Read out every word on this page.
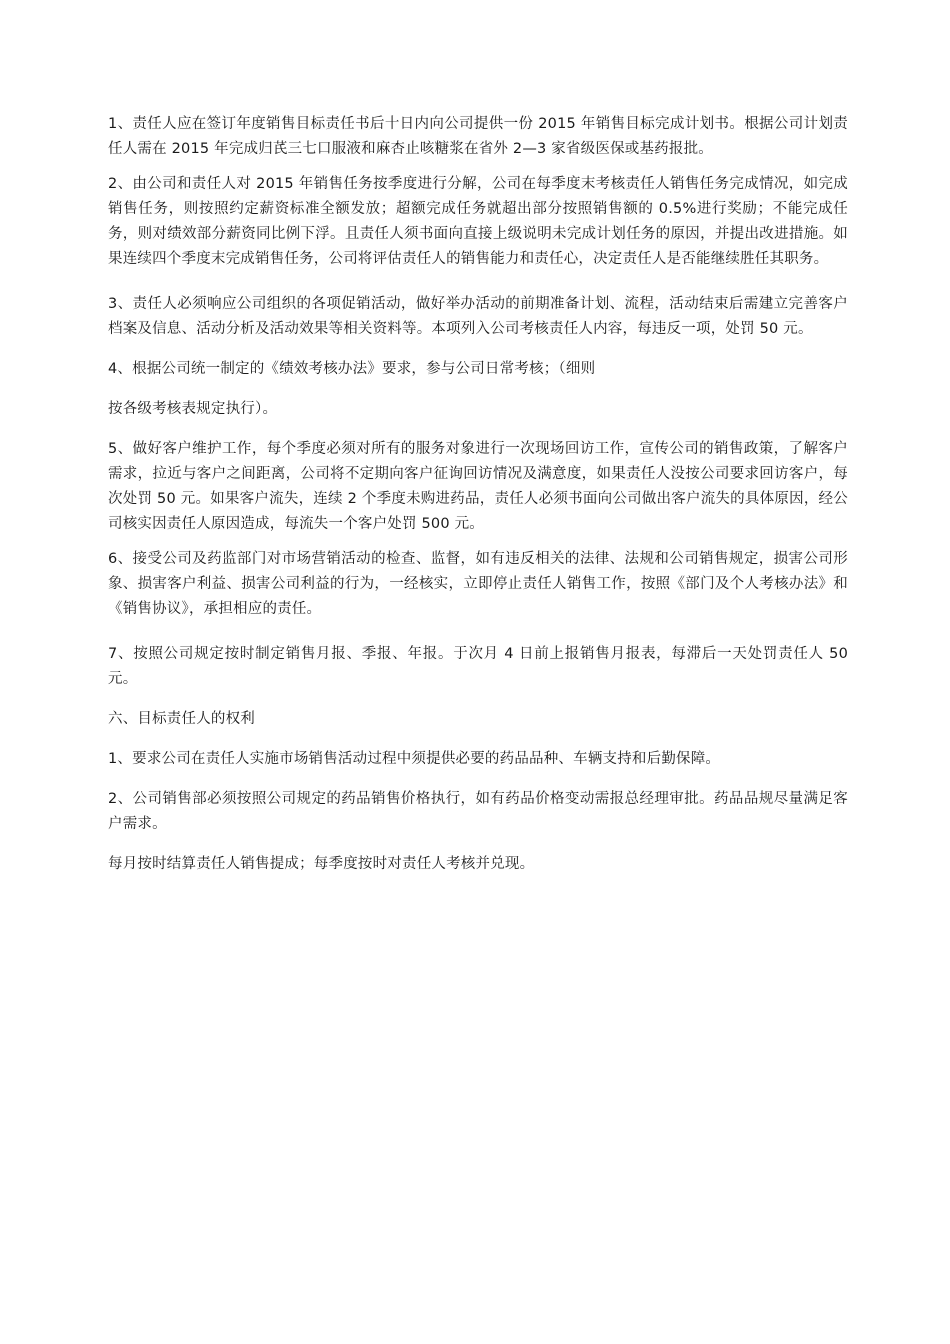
1、责任人应在签订年度销售目标责任书后十日内向公司提供一份 2015 年销售目标完成计划书。根据公司计划责任人需在 2015 年完成归芪三七口服液和麻杏止咳糖浆在省外 2—3 家省级医保或基药报批。

2、由公司和责任人对 2015 年销售任务按季度进行分解，公司在每季度末考核责任人销售任务完成情况，如完成销售任务，则按照约定薪资标准全额发放；超额完成任务就超出部分按照销售额的 0.5%进行奖励；不能完成任务，则对绩效部分薪资同比例下浮。且责任人须书面向直接上级说明未完成计划任务的原因，并提出改进措施。如果连续四个季度末完成销售任务，公司将评估责任人的销售能力和责任心，决定责任人是否能继续胜任其职务。

3、责任人必须响应公司组织的各项促销活动，做好举办活动的前期准备计划、流程，活动结束后需建立完善客户档案及信息、活动分析及活动效果等相关资料等。本项列入公司考核责任人内容，每违反一项，处罚 50 元。

4、根据公司统一制定的《绩效考核办法》要求，参与公司日常考核；（细则

按各级考核表规定执行）。

5、做好客户维护工作，每个季度必须对所有的服务对象进行一次现场回访工作，宣传公司的销售政策，了解客户需求，拉近与客户之间距离，公司将不定期向客户征询回访情况及满意度，如果责任人没按公司要求回访客户，每次处罚 50 元。如果客户流失，连续 2 个季度未购进药品，责任人必须书面向公司做出客户流失的具体原因，经公司核实因责任人原因造成，每流失一个客户处罚 500 元。

6、接受公司及药监部门对市场营销活动的检查、监督，如有违反相关的法律、法规和公司销售规定，损害公司形象、损害客户利益、损害公司利益的行为，一经核实，立即停止责任人销售工作，按照《部门及个人考核办法》和《销售协议》，承担相应的责任。

7、按照公司规定按时制定销售月报、季报、年报。于次月 4 日前上报销售月报表，每滞后一天处罚责任人 50 元。

六、目标责任人的权利

1、要求公司在责任人实施市场销售活动过程中须提供必要的药品品种、车辆支持和后勤保障。

2、公司销售部必须按照公司规定的药品销售价格执行，如有药品价格变动需报总经理审批。药品品规尽量满足客户需求。

每月按时结算责任人销售提成；每季度按时对责任人考核并兑现。
